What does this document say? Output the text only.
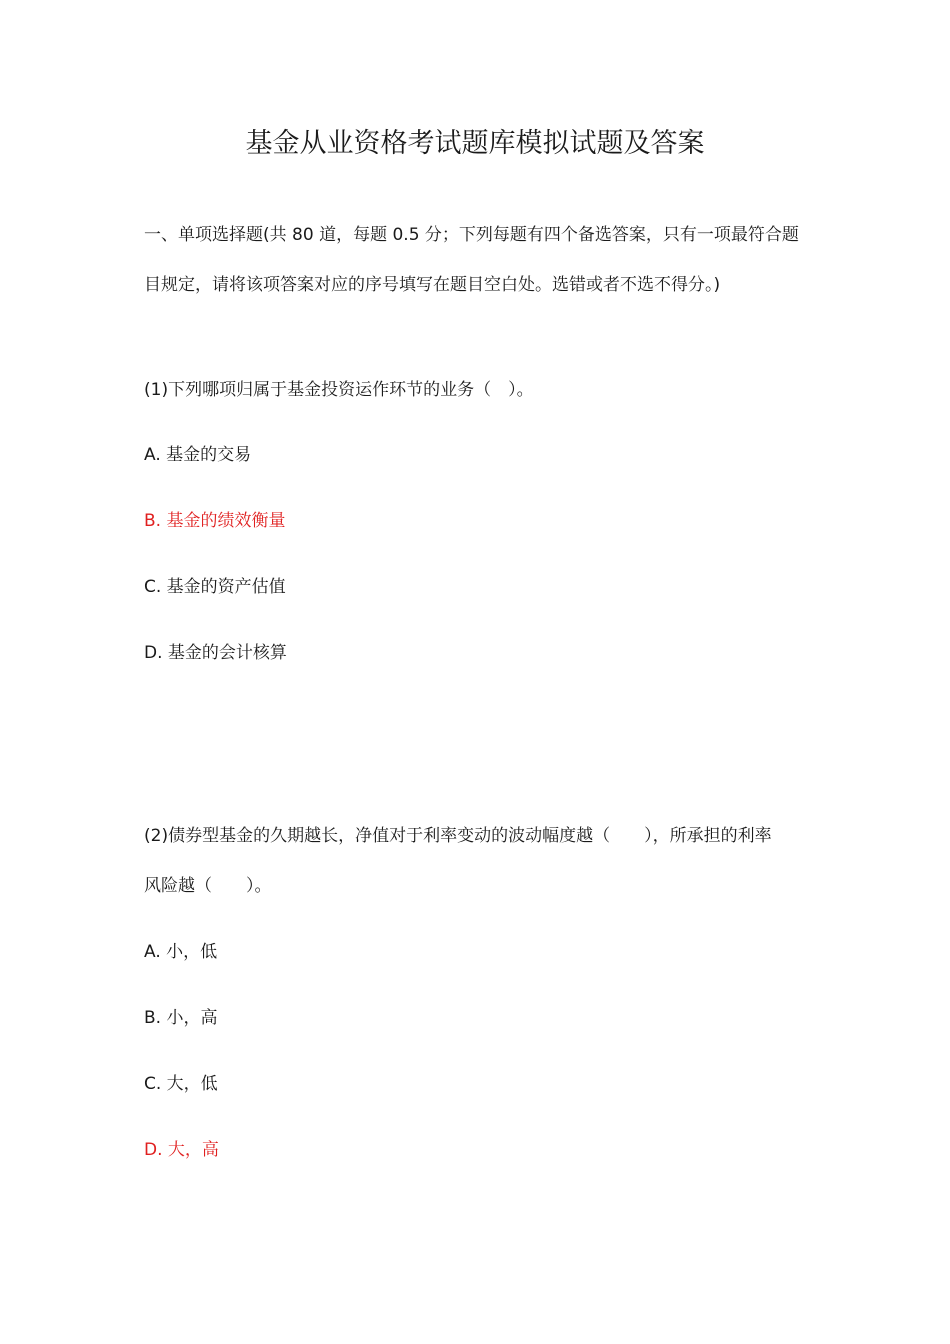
基金从业资格考试题库模拟试题及答案
一、单项选择题(共 80 道，每题 0.5 分；下列每题有四个备选答案，只有一项最符合题
目规定，请将该项答案对应的序号填写在题目空白处。选错或者不选不得分。)
(1)下列哪项归属于基金投资运作环节的业务（　）。
A. 基金的交易
B. 基金的绩效衡量
C. 基金的资产估值
D. 基金的会计核算
(2)债券型基金的久期越长，净值对于利率变动的波动幅度越（　　），所承担的利率
风险越（　　）。
A. 小，低
B. 小，高
C. 大，低
D. 大，高
